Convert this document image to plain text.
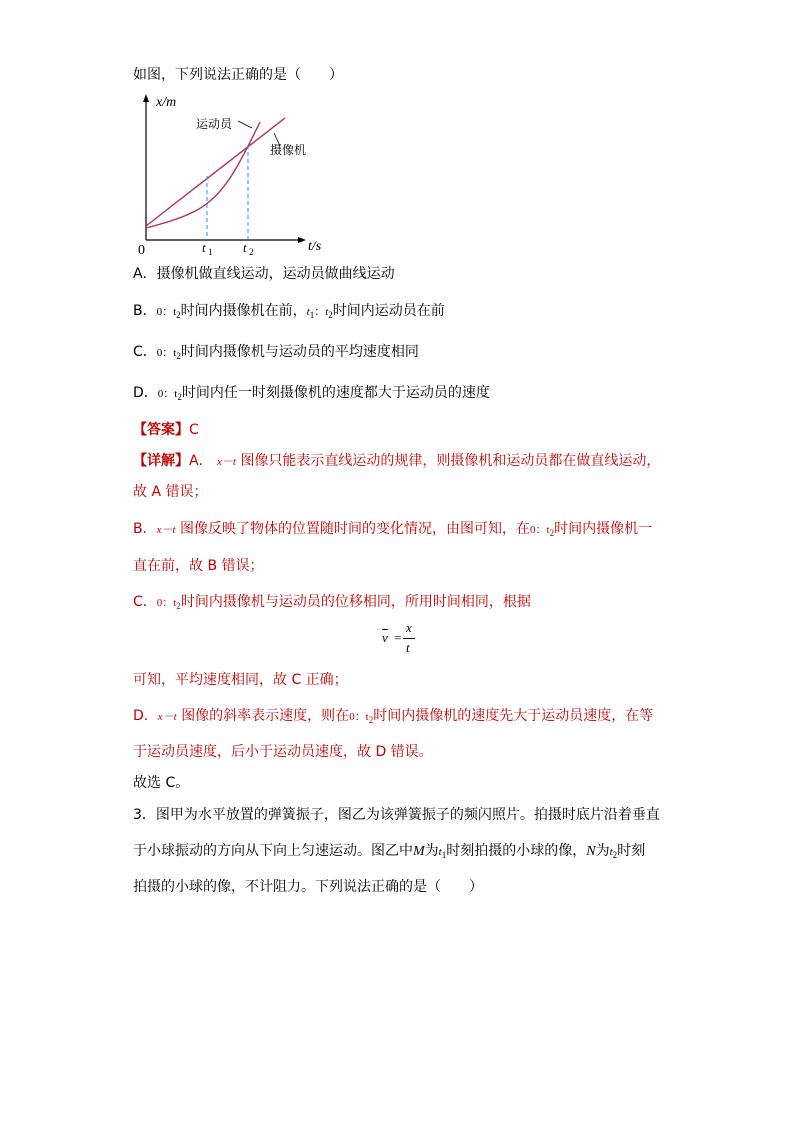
如图，下列说法正确的是（　　）
x/m
t/s
0	t 1 t 2
运动员
摄像机
A．摄像机做直线运动，运动员做曲线运动
B．0：$t_2$时间内摄像机在前，$t_1$：$t_2$时间内运动员在前
C．0：$t_2$时间内摄像机与运动员的平均速度相同
D．0：$t_2$时间内任一时刻摄像机的速度都大于运动员的速度
【答案】C
【详解】A． x－t 图像只能表示直线运动的规律，则摄像机和运动员都在做直线运动，
故 A 错误；
B．x－t 图像反映了物体的位置随时间的变化情况，由图可知，在0：$t_2$时间内摄像机一
直在前，故 B 错误；
C．0：$t_2$时间内摄像机与运动员的位移相同，所用时间相同，根据
$\overline{v}$ =
x
t
可知，平均速度相同，故 C 正确；
D．x－t 图像的斜率表示速度，则在0：$t_2$时间内摄像机的速度先大于运动员速度，在等
于运动员速度，后小于运动员速度，故 D 错误。
故选 C。
3．图甲为水平放置的弹簧振子，图乙为该弹簧振子的频闪照片。拍摄时底片沿着垂直
于小球振动的方向从下向上匀速运动。图乙中M为$t_1$时刻拍摄的小球的像，N为$t_2$时刻
拍摄的小球的像，不计阻力。下列说法正确的是（　　）
